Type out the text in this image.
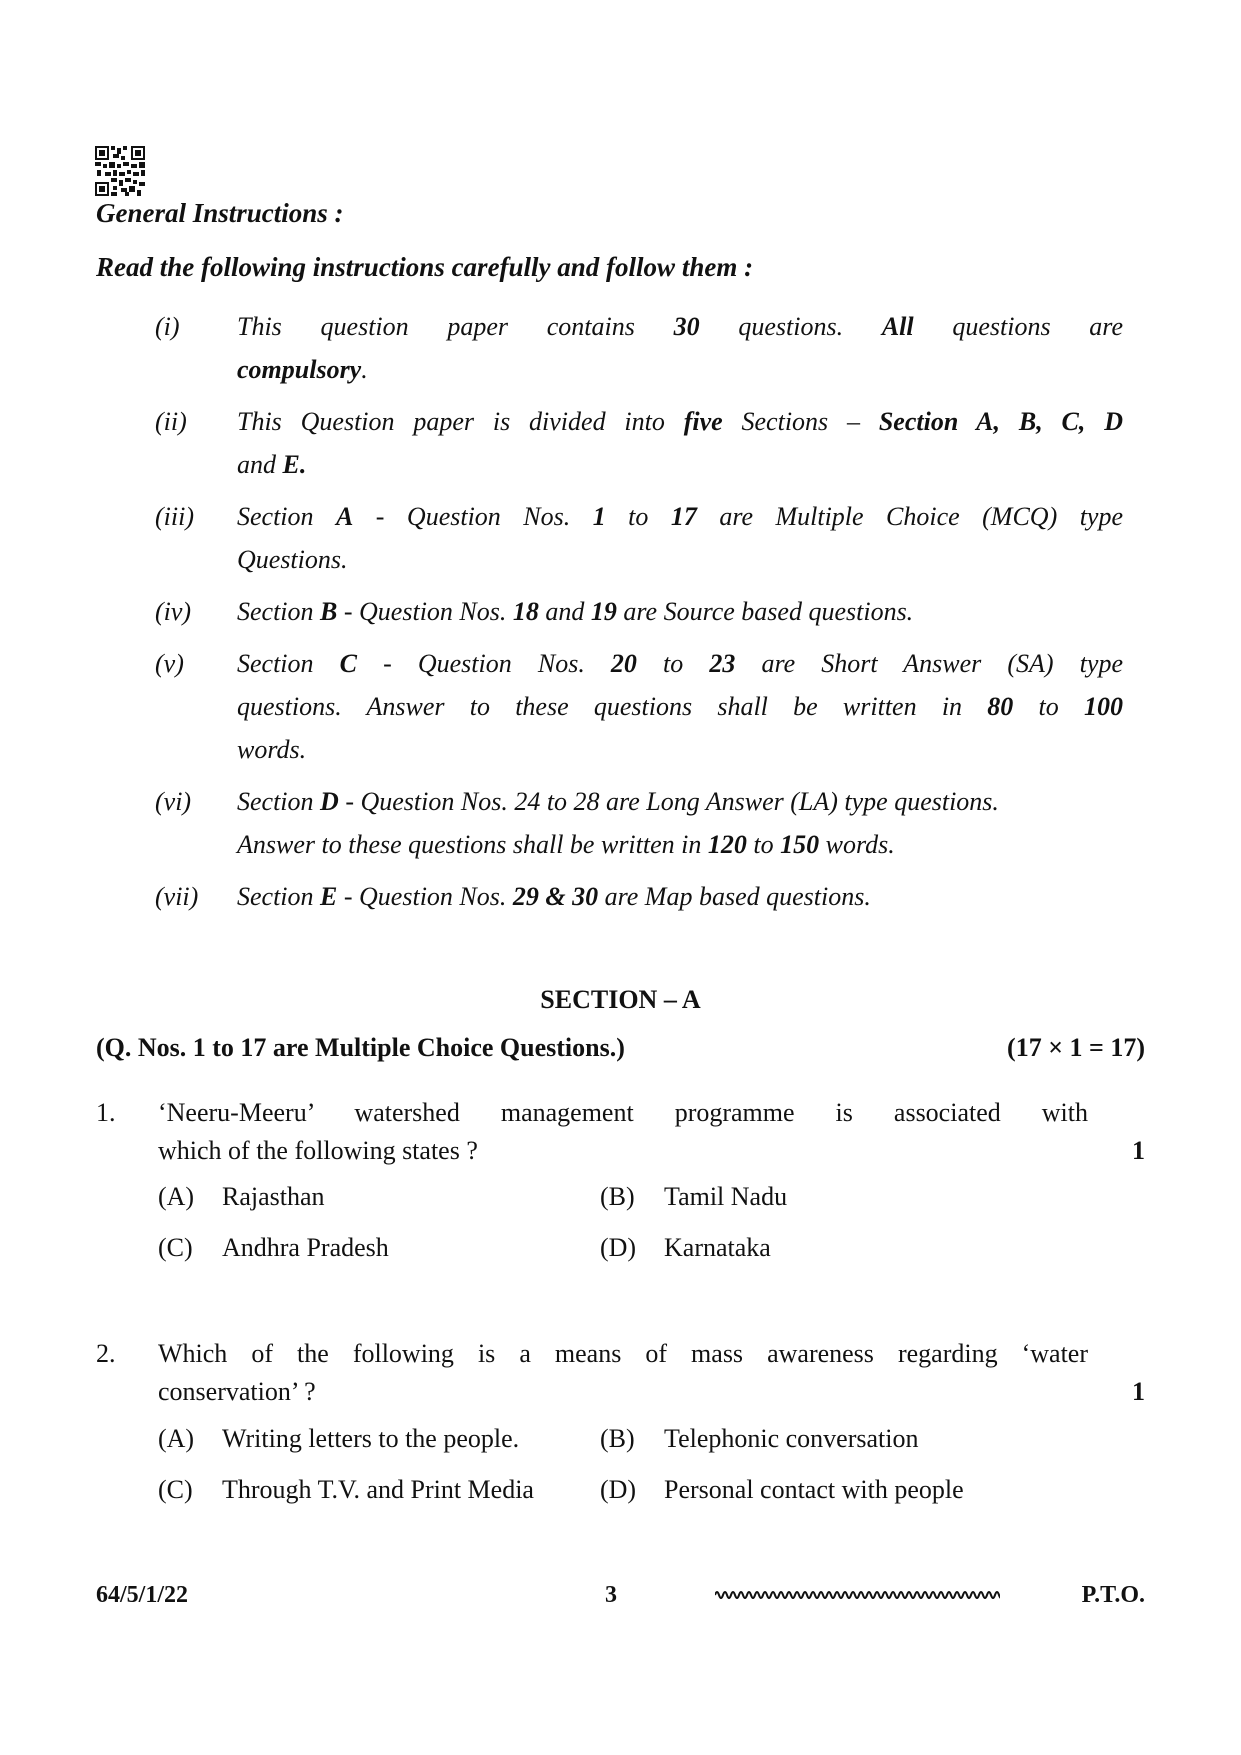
General Instructions :
Read the following instructions carefully and follow them :
(i)	This question paper contains 30 questions. All questions are
compulsory.
(ii)	This Question paper is divided into five Sections – Section A, B, C, D
and E.
(iii)	Section A - Question Nos. 1 to 17 are Multiple Choice (MCQ) type
Questions.
(iv)	Section B - Question Nos. 18 and 19 are Source based questions.
(v)	Section C - Question Nos. 20 to 23 are Short Answer (SA) type
questions. Answer to these questions shall be written in 80 to 100
words.
(vi)	Section D - Question Nos. 24 to 28 are Long Answer (LA) type questions.
Answer to these questions shall be written in 120 to 150 words.
(vii)	Section E - Question Nos. 29 & 30 are Map based questions.
SECTION – A
(Q. Nos. 1 to 17 are Multiple Choice Questions.)	(17 × 1 = 17)
1. ‘Neeru-Meeru’ watershed management programme is associated with
which of the following states ?	1
(A) Rajasthan	(B) Tamil Nadu
(C) Andhra Pradesh	(D) Karnataka
2. Which of the following is a means of mass awareness regarding ‘water
conservation’ ?	1
(A) Writing letters to the people.	(B) Telephonic conversation
(C) Through T.V. and Print Media	(D) Personal contact with people
64/5/1/22	3	P.T.O.
